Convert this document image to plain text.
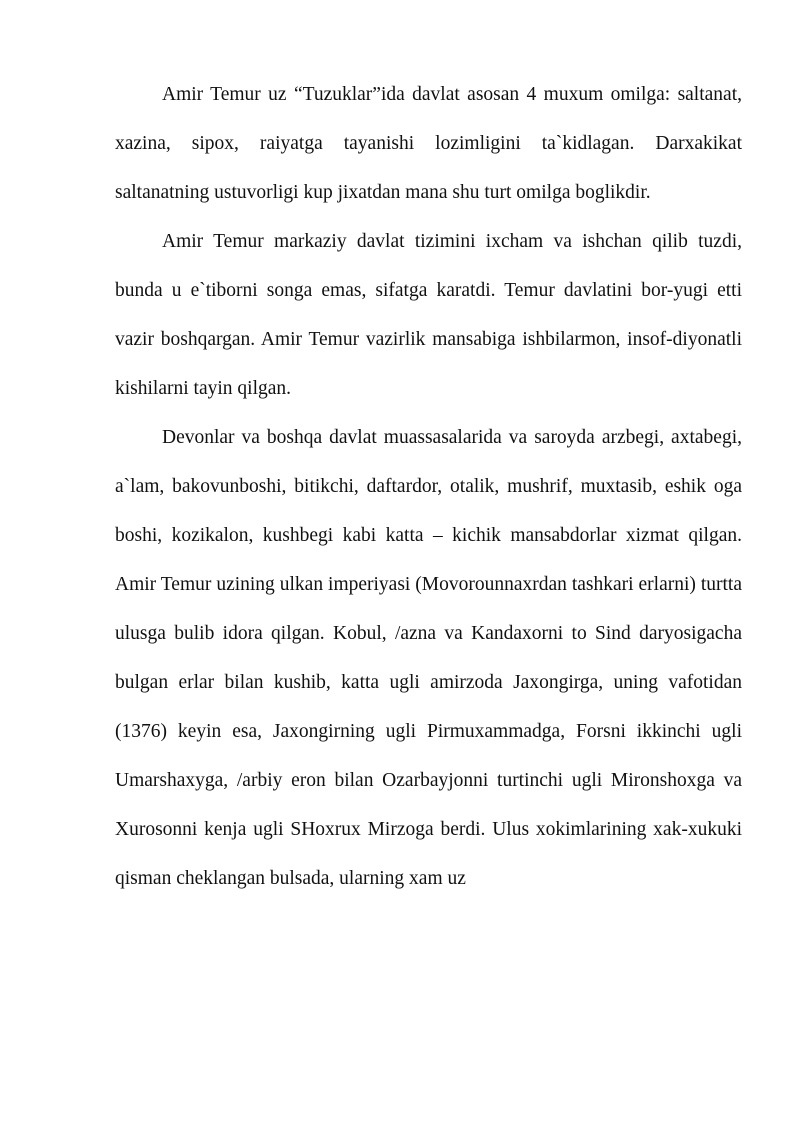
Amir Temur uz “Tuzuklar”ida davlat asosan 4 muxum omilga: saltanat, xazina, sipox, raiyatga tayanishi lozimligini ta`kidlagan. Darxakikat saltanatning ustuvorligi kup jixatdan mana shu turt omilga boglikdir.

Amir Temur markaziy davlat tizimini ixcham va ishchan qilib tuzdi, bunda u e`tiborni songa emas, sifatga karatdi. Temur davlatini bor-yugi etti vazir boshqargan. Amir Temur vazirlik mansabiga ishbilarmon, insof-diyonatli kishilarni tayin qilgan.

Devonlar va boshqa davlat muassasalarida va saroyda arzbegi, axtabegi, a`lam, bakovunboshi, bitikchi, daftardor, otalik, mushrif, muxtasib, eshik oga boshi, kozikalon, kushbegi kabi katta – kichik mansabdorlar xizmat qilgan. Amir Temur uzining ulkan imperiyasi (Movorounnaxrdan tashkari erlarni) turtta ulusga bulib idora qilgan. Kobul, /azna va Kandaxorni to Sind daryosigacha bulgan erlar bilan kushib, katta ugli amirzoda Jaxongirga, uning vafotidan (1376) keyin esa, Jaxongirning ugli Pirmuxammadga, Forsni ikkinchi ugli Umarshaxyga, /arbiy eron bilan Ozarbayjonni turtinchi ugli Mironshoxga va Xurosonni kenja ugli SHoxrux Mirzoga berdi. Ulus xokimlarining xak-xukuki qisman cheklangan bulsada, ularning xam uz
